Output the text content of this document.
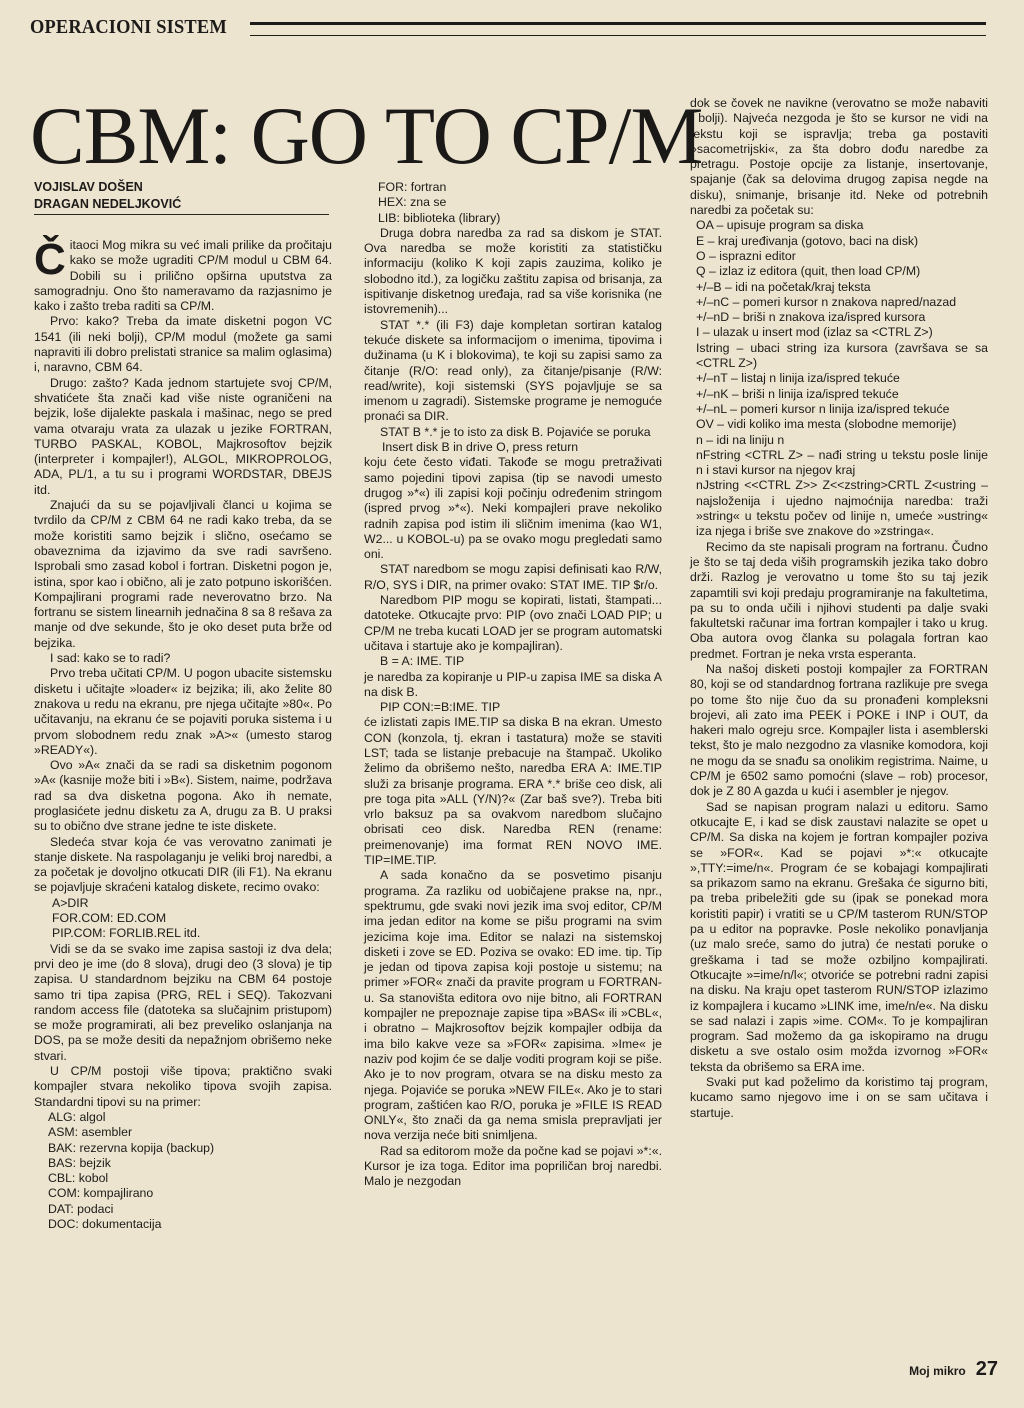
OPERACIONI SISTEM
CBM: GO TO CP/M
VOJISLAV DOŠEN
DRAGAN NEDELJKOVIĆ

Čitaoci Mog mikra su već imali prilike da pročitaju kako se može ugraditi CP/M modul u CBM 64. Dobili su i prilično opširna uputstva za samogradnju. Ono što nameravamo da razjasnimo je kako i zašto treba raditi sa CP/M.

Prvo: kako? Treba da imate disketni pogon VC 1541 (ili neki bolji), CP/M modul (možete ga sami napraviti ili dobro prelistati stranice sa malim oglasima) i, naravno, CBM 64.

Drugo: zašto? Kada jednom startujete svoj CP/M, shvatićete šta znači kad više niste ograničeni na bejzik, loše dijalekte paskala i mašinac, nego se pred vama otvaraju vrata za ulazak u jezike FORTRAN, TURBO PASKAL, KOBOL, Majkrosoftov bejzik (interpreter i kompajler!), ALGOL, MIKROPROLOG, ADA, PL/1, a tu su i programi WORDSTAR, DBEJS itd.

Znajući da su se pojavljivali članci u kojima se tvrdilo da CP/M z CBM 64 ne radi kako treba, da se može koristiti samo bejzik i slično, osećamo se obaveznima da izjavimo da sve radi savršeno. Isprobali smo zasad kobol i fortran. Disketni pogon je, istina, spor kao i obično, ali je zato potpuno iskorišćen. Kompajlirani programi rade neverovatno brzo. Na fortranu se sistem linearnih jednačina 8 sa 8 rešava za manje od dve sekunde, što je oko deset puta brže od bejzika.

I sad: kako se to radi?

Prvo treba učitati CP/M. U pogon ubacite sistemsku disketu i učitajte »loader« iz bejzika; ili, ako želite 80 znakova u redu na ekranu, pre njega učitajte »80«. Po učitavanju, na ekranu će se pojaviti poruka sistema i u prvom slobodnem redu znak »A>« (umesto starog »READY«).

Ovo »A« znači da se radi sa disketnim pogonom »A« (kasnije može biti i »B«). Sistem, naime, podržava rad sa dva disketna pogona. Ako ih nemate, proglasićete jednu disketu za A, drugu za B. U praksi su to obično dve strane jedne te iste diskete.

Sledeća stvar koja će vas verovatno zanimati je stanje diskete. Na raspolaganju je veliki broj naredbi, a za početak je dovoljno otkucati DIR (ili F1). Na ekranu se pojavljuje skraćeni katalog diskete, recimo ovako:

A>DIR

FOR.COM: ED.COM

PIP.COM: FORLIB.REL itd.

Vidi se da se svako ime zapisa sastoji iz dva dela; prvi deo je ime (do 8 slova), drugi deo (3 slova) je tip zapisa. U standardnom bejziku na CBM 64 postoje samo tri tipa zapisa (PRG, REL i SEQ). Takozvani random access file (datoteka sa slučajnim pristupom) se može programirati, ali bez preveliko oslanjanja na DOS, pa se može desiti da nepažnjom obrišemo neke stvari.

U CP/M postoji više tipova; praktično svaki kompajler stvara nekoliko tipova svojih zapisa. Standardni tipovi su na primer:

ALG: algol

ASM: asembler

BAK: rezervna kopija (backup)

BAS: bejzik

CBL: kobol

COM: kompajlirano

DAT: podaci

DOC: dokumentacija

FOR: fortran

HEX: zna se

LIB: biblioteka (library)

Druga dobra naredba za rad sa diskom je STAT. Ova naredba se može koristiti za statističku informaciju (koliko K koji zapis zauzima, koliko je slobodno itd.), za logičku zaštitu zapisa od brisanja, za ispitivanje disketnog uređaja, rad sa više korisnika (ne istovremenih)...

STAT *.* (ili F3) daje kompletan sortiran katalog tekuće diskete sa informacijom o imenima, tipovima i dužinama (u K i blokovima), te koji su zapisi samo za čitanje (R/O: read only), za čitanje/pisanje (R/W: read/write), koji sistemski (SYS pojavljuje se sa imenom u zagradi). Sistemske programe je nemoguće pronaći sa DIR.

STAT B *.* je to isto za disk B. Pojaviće se poruka

Insert disk B in drive O, press return

koju ćete često viđati. Takođe se mogu pretraživati samo pojedini tipovi zapisa (tip se navodi umesto drugog »*«) ili zapisi koji počinju određenim stringom (ispred prvog »*«). Neki kompajleri prave nekoliko radnih zapisa pod istim ili sličnim imenima (kao W1, W2... u KOBOL-u) pa se ovako mogu pregledati samo oni.

STAT naredbom se mogu zapisi definisati kao R/W, R/O, SYS i DIR, na primer ovako: STAT IME. TIP $r/o.

Naredbom PIP mogu se kopirati, listati, štampati... datoteke. Otkucajte prvo: PIP (ovo znači LOAD PIP; u CP/M ne treba kucati LOAD jer se program automatski učitava i startuje ako je kompajliran).

B = A: IME. TIP

je naredba za kopiranje u PIP-u zapisa IME sa diska A na disk B.

PIP CON:=B:IME. TIP

će izlistati zapis IME.TIP sa diska B na ekran. Umesto CON (konzola, tj. ekran i tastatura) može se staviti LST; tada se listanje prebacuje na štampač. Ukoliko želimo da obrišemo nešto, naredba ERA A: IME.TIP služi za brisanje programa. ERA *.* briše ceo disk, ali pre toga pita »ALL (Y/N)?« (Zar baš sve?). Treba biti vrlo baksuz pa sa ovakvom naredbom slučajno obrisati ceo disk. Naredba REN (rename: preimenovanje) ima format REN NOVO IME. TIP=IME.TIP.

A sada konačno da se posvetimo pisanju programa. Za razliku od uobičajene prakse na, npr., spektrumu, gde svaki novi jezik ima svoj editor, CP/M ima jedan editor na kome se pišu programi na svim jezicima koje ima. Editor se nalazi na sistemskoj disketi i zove se ED. Poziva se ovako: ED ime. tip. Tip je jedan od tipova zapisa koji postoje u sistemu; na primer »FOR« znači da pravite program u FORTRAN-u. Sa stanovišta editora ovo nije bitno, ali FORTRAN kompajler ne prepoznaje zapise tipa »BAS« ili »CBL«, i obratno – Majkrosoftov bejzik kompajler odbija da ima bilo kakve veze sa »FOR« zapisima. »Ime« je naziv pod kojim će se dalje voditi program koji se piše. Ako je to nov program, otvara se na disku mesto za njega. Pojaviće se poruka »NEW FILE«. Ako je to stari program, zaštićen kao R/O, poruka je »FILE IS READ ONLY«, što znači da ga nema smisla prepravljati jer nova verzija neće biti snimljena.

Rad sa editorom može da počne kad se pojavi »*:«. Kursor je iza toga. Editor ima popriličan broj naredbi. Malo je nezgodan

dok se čovek ne navikne (verovatno se može nabaviti i bolji). Najveća nezgoda je što se kursor ne vidi na tekstu koji se ispravlja; treba ga postaviti »sacometrijski«, za šta dobro dođu naredbe za pretragu. Postoje opcije za listanje, insertovanje, spajanje (čak sa delovima drugog zapisa negde na disku), snimanje, brisanje itd. Neke od potrebnih naredbi za početak su:

OA – upisuje program sa diska

E – kraj uređivanja (gotovo, baci na disk)

O – isprazni editor

Q – izlaz iz editora (quit, then load CP/M)

+/–B – idi na početak/kraj teksta

+/–nC – pomeri kursor n znakova napred/nazad

+/–nD – briši n znakova iza/ispred kursora

I – ulazak u insert mod (izlaz sa <CTRL Z>)

Istring – ubaci string iza kursora (završava se sa <CTRL Z>)

+/–nT – listaj n linija iza/ispred tekuće

+/–nK – briši n linija iza/ispred tekuće

+/–nL – pomeri kursor n linija iza/ispred tekuće

OV – vidi koliko ima mesta (slobodne memorije)

n – idi na liniju n

nFstring <CTRL Z> – nađi string u tekstu posle linije n i stavi kursor na njegov kraj

nJstring <<CTRL Z>> Z<<zstring>CRTL Z<ustring – najsloženija i ujedno najmoćnija naredba: traži »string« u tekstu počev od linije n, umeće »ustring« iza njega i briše sve znakove do »zstringa«.

Recimo da ste napisali program na fortranu. Čudno je što se taj deda viših programskih jezika tako dobro drži. Razlog je verovatno u tome što su taj jezik zapamtili svi koji predaju programiranje na fakultetima, pa su to onda učili i njihovi studenti pa dalje svaki fakultetski računar ima fortran kompajler i tako u krug. Oba autora ovog članka su polagala fortran kao predmet. Fortran je neka vrsta esperanta.

Na našoj disketi postoji kompajler za FORTRAN 80, koji se od standardnog fortrana razlikuje pre svega po tome što nije čuo da su pronađeni kompleksni brojevi, ali zato ima PEEK i POKE i INP i OUT, da hakeri malo ogreju srce. Kompajler lista i asemblerski tekst, što je malo nezgodno za vlasnike komodora, koji ne mogu da se snađu sa onolikim registrima. Naime, u CP/M je 6502 samo pomoćni (slave – rob) procesor, dok je Z 80 A gazda u kući i asembler je njegov.

Sad se napisan program nalazi u editoru. Samo otkucajte E, i kad se disk zaustavi nalazite se opet u CP/M. Sa diska na kojem je fortran kompajler poziva se »FOR«. Kad se pojavi »*:« otkucajte »,TTY:=ime/n«. Program će se kobajagi kompajlirati sa prikazom samo na ekranu. Grešaka će sigurno biti, pa treba pribeležiti gde su (ipak se ponekad mora koristiti papir) i vratiti se u CP/M tasterom RUN/STOP pa u editor na popravke. Posle nekoliko ponavljanja (uz malo sreće, samo do jutra) će nestati poruke o greškama i tad se može ozbiljno kompajlirati. Otkucajte »=ime/n/l«; otvoriće se potrebni radni zapisi na disku. Na kraju opet tasterom RUN/STOP izlazimo iz kompajlera i kucamo »LINK ime, ime/n/e«. Na disku se sad nalazi i zapis »ime. COM«. To je kompajliran program. Sad možemo da ga iskopiramo na drugu disketu a sve ostalo osim možda izvornog »FOR« teksta da obrišemo sa ERA ime.

Svaki put kad poželimo da koristimo taj program, kucamo samo njegovo ime i on se sam učitava i startuje.

Moj mikro 27
